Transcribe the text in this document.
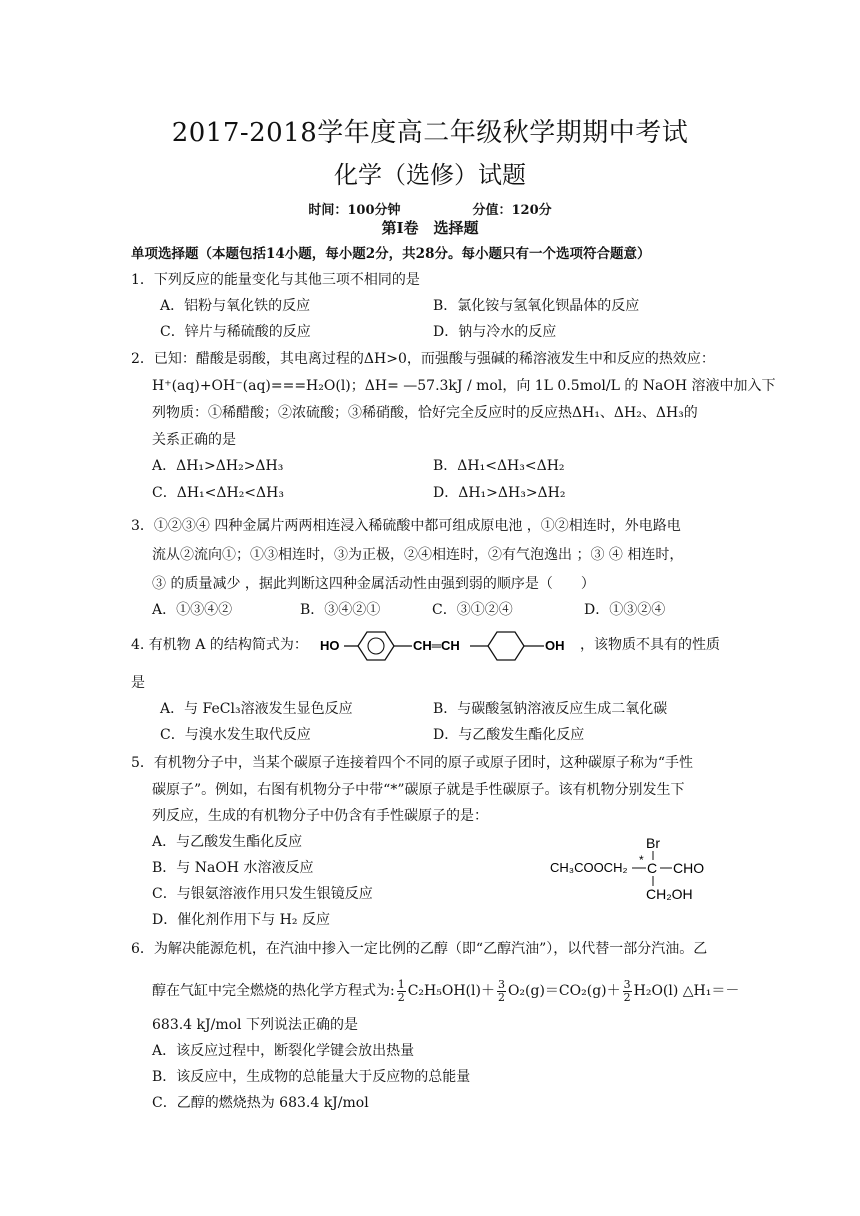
2017-2018学年度高二年级秋学期期中考试
化学（选修）试题
时间：100分钟	分值：120分
第I卷　选择题
单项选择题（本题包括14小题，每小题2分，共28分。每小题只有一个选项符合题意）
1．下列反应的能量变化与其他三项不相同的是
A．铝粉与氧化铁的反应	B．氯化铵与氢氧化钡晶体的反应
C．锌片与稀硫酸的反应	D．钠与冷水的反应
2．已知：醋酸是弱酸，其电离过程的ΔH>0，而强酸与强碱的稀溶液发生中和反应的热效应：
H⁺(aq)+OH⁻(aq)===H₂O(l)；ΔH= —57.3kJ / mol，向 1L 0.5mol/L 的 NaOH 溶液中加入下
列物质：①稀醋酸；②浓硫酸；③稀硝酸，恰好完全反应时的反应热ΔH₁、ΔH₂、ΔH₃的
关系正确的是
A．ΔH₁>ΔH₂>ΔH₃	B．ΔH₁<ΔH₃<ΔH₂
C．ΔH₁<ΔH₂<ΔH₃	D．ΔH₁>ΔH₃>ΔH₂
3．①②③④ 四种金属片两两相连浸入稀硫酸中都可组成原电池 ，①②相连时，外电路电
流从②流向①；①③相连时，③为正极，②④相连时，②有气泡逸出 ；③ ④ 相连时，
③ 的质量减少 ，据此判断这四种金属活动性由强到弱的顺序是（　　）
A．①③④②	B．③④②①	C．③①②④	D．①③②④
4. 有机物 A 的结构简式为： HO	CH═CH	OH ，该物质不具有的性质
是
A．与 FeCl₃溶液发生显色反应	B．与碳酸氢钠溶液反应生成二氧化碳
C．与溴水发生取代反应	D．与乙酸发生酯化反应
5．有机物分子中，当某个碳原子连接着四个不同的原子或原子团时，这种碳原子称为“手性
碳原子”。例如，右图有机物分子中带“*”碳原子就是手性碳原子。该有机物分别发生下
列反应，生成的有机物分子中仍含有手性碳原子的是：
A．与乙酸发生酯化反应
B．与 NaOH 水溶液反应
C．与银氨溶液作用只发生银镜反应
D．催化剂作用下与 H₂ 反应
Br
CH₃COOCH₂ * C CHO
CH₂OH
6．为解决能源危机，在汽油中掺入一定比例的乙醇（即“乙醇汽油”），以代替一部分汽油。乙
醇在气缸中完全燃烧的热化学方程式为: $\frac{1}{2} C_2H_5OH(l)+ \frac{3}{2} O_2(g)=CO_2(g)+ \frac{3}{2} H_2O(l)$ △H₁＝－
683.4 kJ/mol 下列说法正确的是
A．该反应过程中，断裂化学键会放出热量
B．该反应中，生成物的总能量大于反应物的总能量
C．乙醇的燃烧热为 683.4 kJ/mol
